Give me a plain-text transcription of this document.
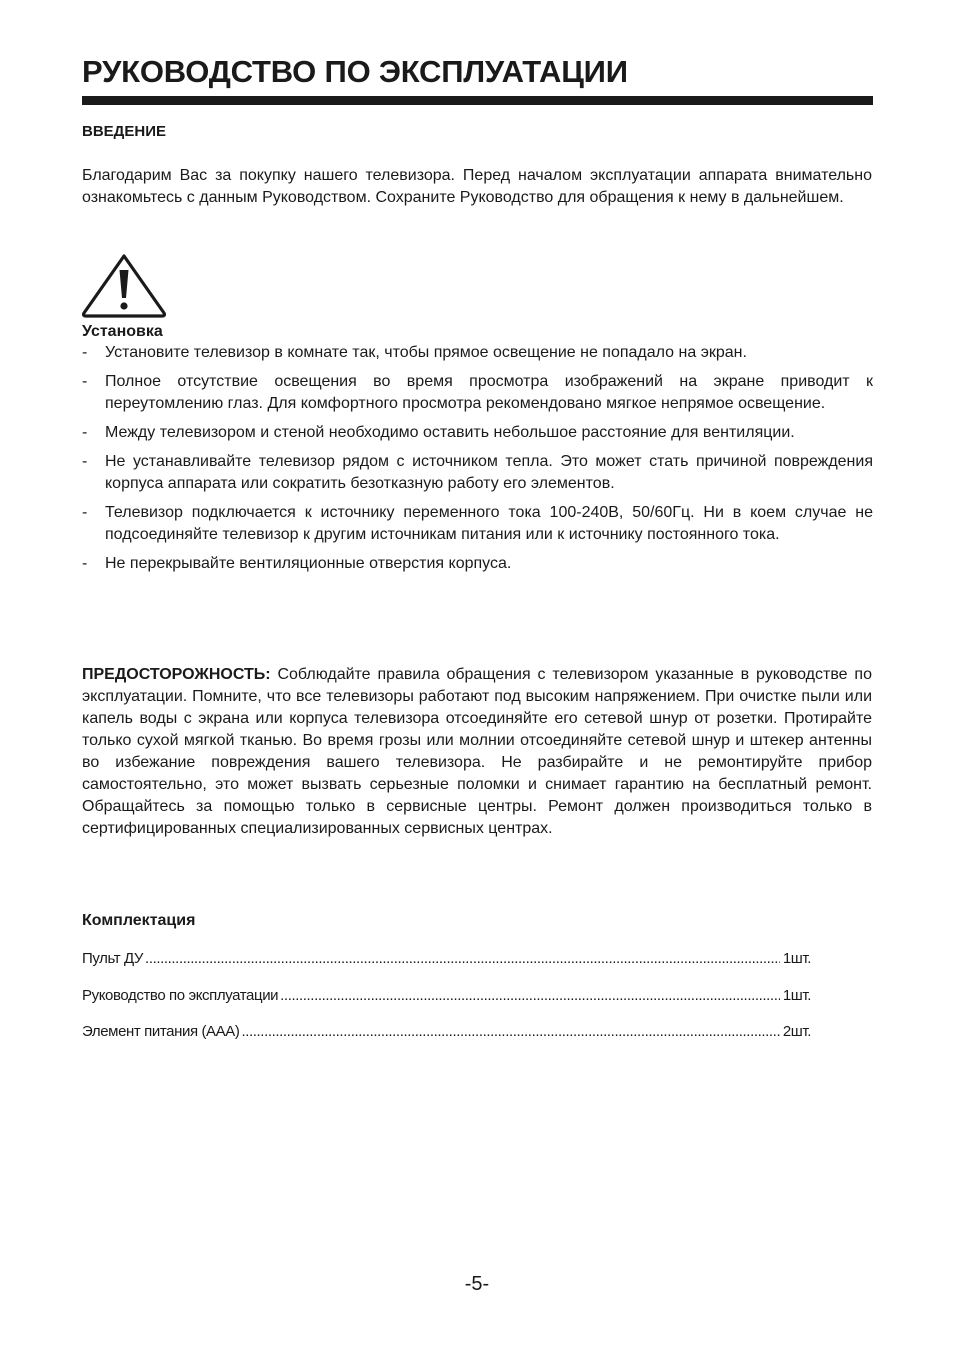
РУКОВОДСТВО ПО ЭКСПЛУАТАЦИИ
ВВЕДЕНИЕ

Благодарим Вас за покупку нашего телевизора. Перед началом эксплуатации аппарата внимательно ознакомьтесь с данным Руководством. Сохраните Руководство для обращения к нему в дальнейшем.

Установка
- Установите телевизор в комнате так, чтобы прямое освещение не попадало на экран.
- Полное отсутствие освещения во время просмотра изображений на экране приводит к переутомлению глаз. Для комфортного просмотра рекомендовано мягкое непрямое освещение.
- Между телевизором и стеной необходимо оставить небольшое расстояние для вентиляции.
- Не устанавливайте телевизор рядом с источником тепла. Это может стать причиной повреждения корпуса аппарата или сократить безотказную работу его элементов.
- Телевизор подключается к источнику переменного тока 100-240В, 50/60Гц. Ни в коем случае не подсоединяйте телевизор к другим источникам питания или к источнику постоянного тока.
- Не перекрывайте вентиляционные отверстия корпуса.

ПРЕДОСТОРОЖНОСТЬ: Соблюдайте правила обращения с телевизором указанные в руководстве по эксплуатации. Помните, что все телевизоры работают под высоким напряжением. При очистке пыли или капель воды с экрана или корпуса телевизора отсоединяйте его сетевой шнур от розетки. Протирайте только сухой мягкой тканью. Во время грозы или молнии отсоединяйте сетевой шнур и штекер антенны во избежание повреждения вашего телевизора. Не разбирайте и не ремонтируйте прибор самостоятельно, это может вызвать серьезные поломки и снимает гарантию на бесплатный ремонт. Обращайтесь за помощью только в сервисные центры. Ремонт должен производиться только в сертифицированных специализированных сервисных центрах.

Комплектация
Пульт ДУ .....	1шт.
Руководство по эксплуатации .....	1шт.
Элемент питания (ААА) .....	2шт.
-5-
